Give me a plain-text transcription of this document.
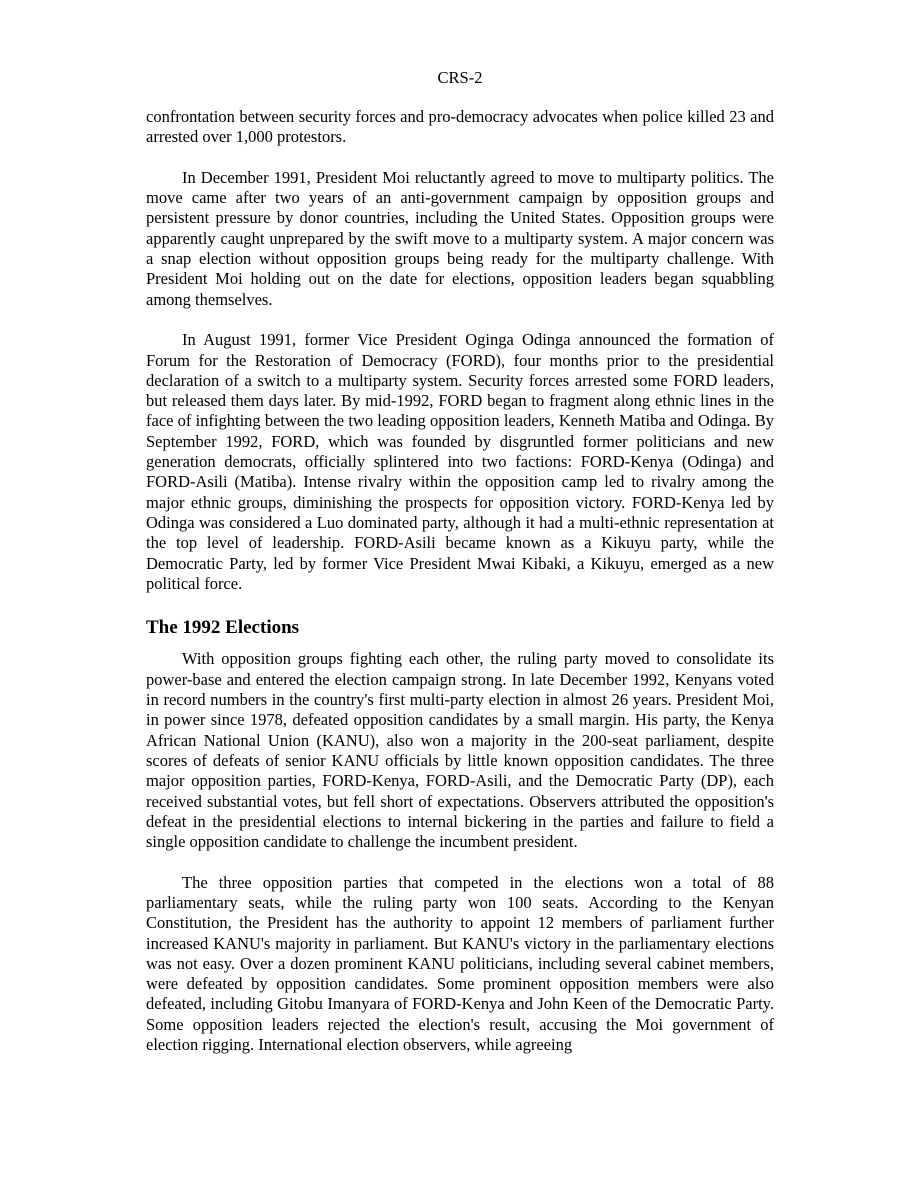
CRS-2

confrontation between security forces and pro-democracy advocates when police killed 23 and arrested over 1,000 protestors.

In December 1991, President Moi reluctantly agreed to move to multiparty politics. The move came after two years of an anti-government campaign by opposition groups and persistent pressure by donor countries, including the United States. Opposition groups were apparently caught unprepared by the swift move to a multiparty system. A major concern was a snap election without opposition groups being ready for the multiparty challenge. With President Moi holding out on the date for elections, opposition leaders began squabbling among themselves.

In August 1991, former Vice President Oginga Odinga announced the formation of Forum for the Restoration of Democracy (FORD), four months prior to the presidential declaration of a switch to a multiparty system. Security forces arrested some FORD leaders, but released them days later. By mid-1992, FORD began to fragment along ethnic lines in the face of infighting between the two leading opposition leaders, Kenneth Matiba and Odinga. By September 1992, FORD, which was founded by disgruntled former politicians and new generation democrats, officially splintered into two factions: FORD-Kenya (Odinga) and FORD-Asili (Matiba). Intense rivalry within the opposition camp led to rivalry among the major ethnic groups, diminishing the prospects for opposition victory. FORD-Kenya led by Odinga was considered a Luo dominated party, although it had a multi-ethnic representation at the top level of leadership. FORD-Asili became known as a Kikuyu party, while the Democratic Party, led by former Vice President Mwai Kibaki, a Kikuyu, emerged as a new political force.

The 1992 Elections

With opposition groups fighting each other, the ruling party moved to consolidate its power-base and entered the election campaign strong. In late December 1992, Kenyans voted in record numbers in the country's first multi-party election in almost 26 years. President Moi, in power since 1978, defeated opposition candidates by a small margin. His party, the Kenya African National Union (KANU), also won a majority in the 200-seat parliament, despite scores of defeats of senior KANU officials by little known opposition candidates. The three major opposition parties, FORD-Kenya, FORD-Asili, and the Democratic Party (DP), each received substantial votes, but fell short of expectations. Observers attributed the opposition's defeat in the presidential elections to internal bickering in the parties and failure to field a single opposition candidate to challenge the incumbent president.

The three opposition parties that competed in the elections won a total of 88 parliamentary seats, while the ruling party won 100 seats. According to the Kenyan Constitution, the President has the authority to appoint 12 members of parliament further increased KANU's majority in parliament. But KANU's victory in the parliamentary elections was not easy. Over a dozen prominent KANU politicians, including several cabinet members, were defeated by opposition candidates. Some prominent opposition members were also defeated, including Gitobu Imanyara of FORD-Kenya and John Keen of the Democratic Party. Some opposition leaders rejected the election's result, accusing the Moi government of election rigging. International election observers, while agreeing
